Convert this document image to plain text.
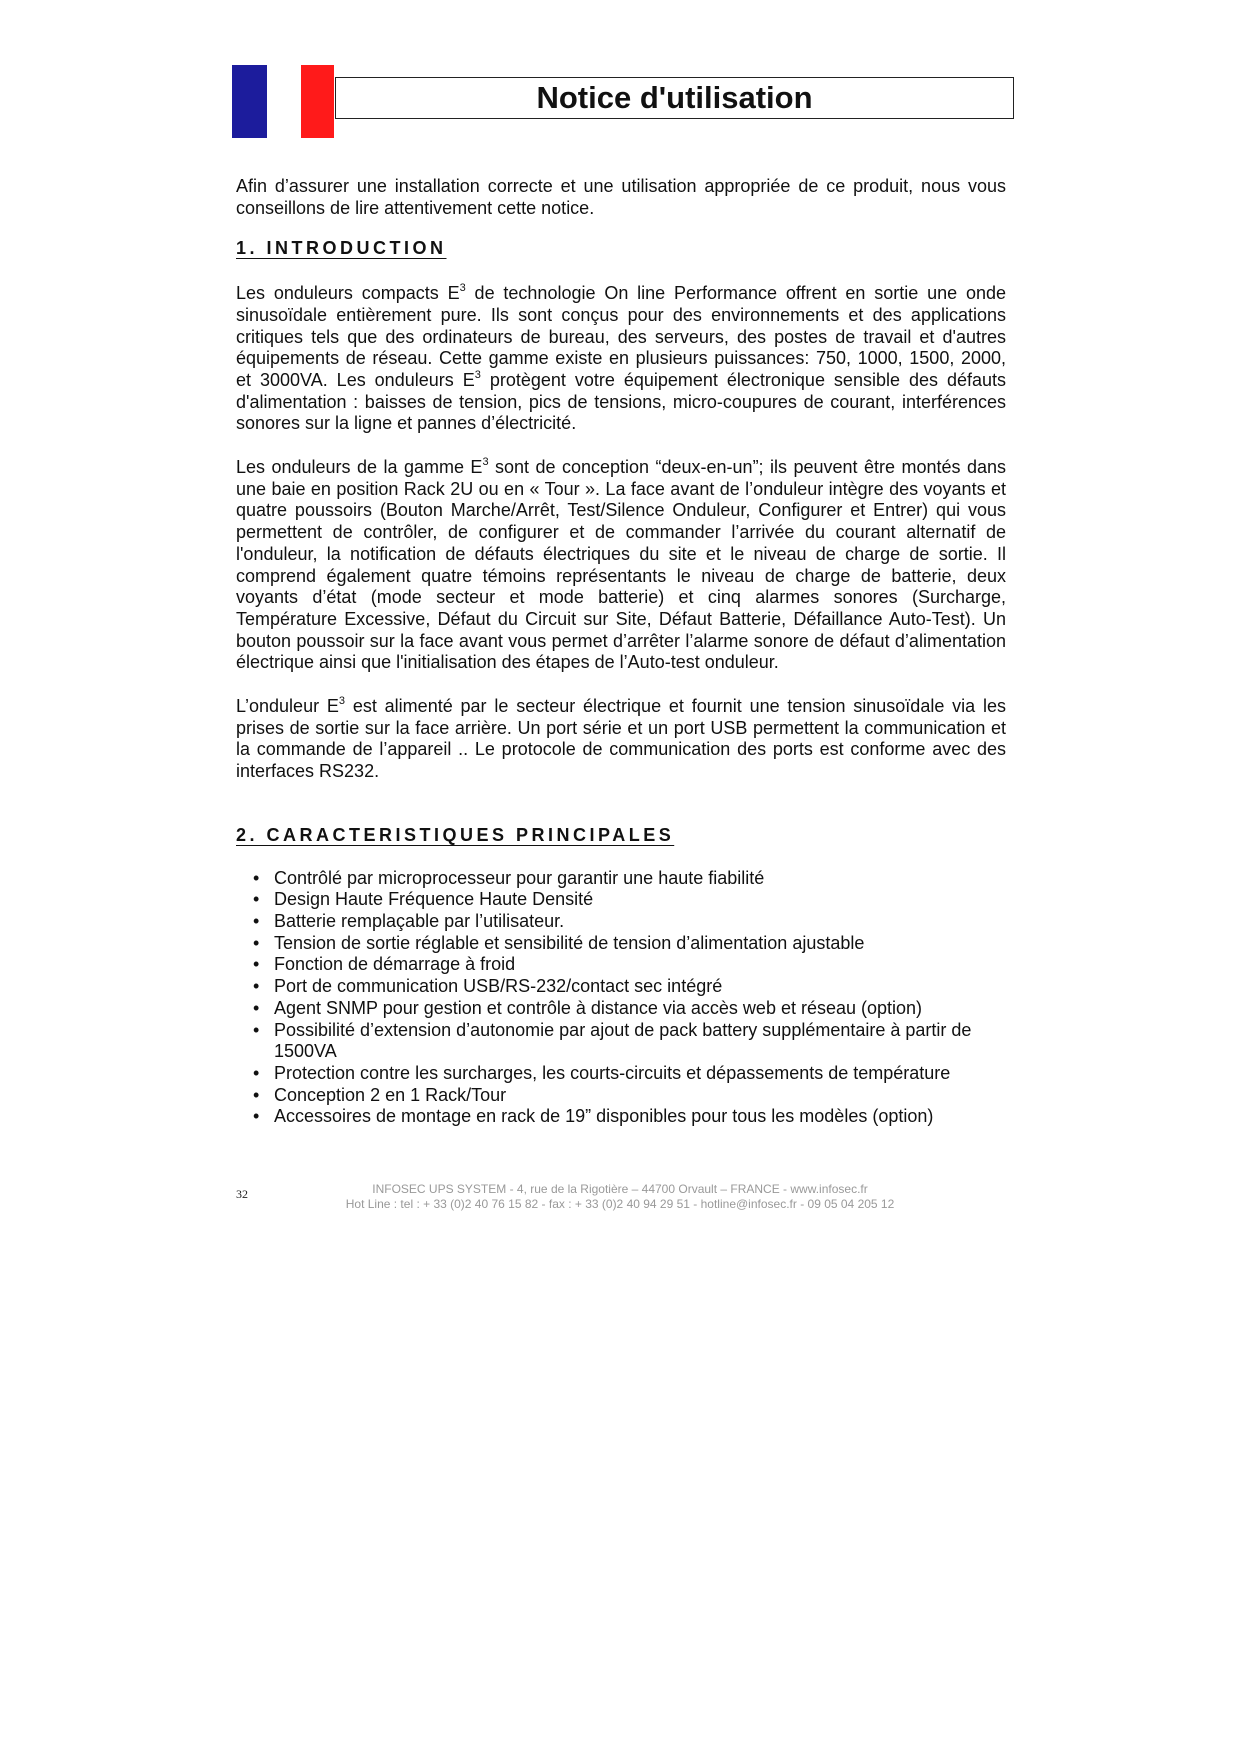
Notice d'utilisation

Afin d’assurer une installation correcte et une utilisation appropriée de ce produit, nous vous conseillons de lire attentivement cette notice.

1. INTRODUCTION

Les onduleurs compacts $E^3$ de technologie On line Performance offrent en sortie une onde sinusoïdale entièrement pure. Ils sont conçus pour des environnements et des applications critiques tels que des ordinateurs de bureau, des serveurs, des postes de travail et d'autres équipements de réseau. Cette gamme existe en plusieurs puissances: 750, 1000, 1500, 2000, et 3000VA. Les onduleurs $E^3$ protègent votre équipement électronique sensible des défauts d'alimentation : baisses de tension, pics de tensions, micro-coupures de courant, interférences sonores sur la ligne et pannes d’électricité.

Les onduleurs de la gamme $E^3$ sont de conception “deux-en-un”; ils peuvent être montés dans une baie en position Rack 2U ou en « Tour ». La face avant de l’onduleur intègre des voyants et quatre poussoirs (Bouton Marche/Arrêt, Test/Silence Onduleur, Configurer et Entrer) qui vous permettent de contrôler, de configurer et de commander l’arrivée du courant alternatif de l'onduleur, la notification de défauts électriques du site et le niveau de charge de sortie. Il comprend également quatre témoins représentants le niveau de charge de batterie, deux voyants d’état (mode secteur et mode batterie) et cinq alarmes sonores (Surcharge, Température Excessive, Défaut du Circuit sur Site, Défaut Batterie, Défaillance Auto-Test). Un bouton poussoir sur la face avant vous permet d’arrêter l’alarme sonore de défaut d’alimentation électrique ainsi que l'initialisation des étapes de l’Auto-test onduleur.

L’onduleur $E^3$ est alimenté par le secteur électrique et fournit une tension sinusoïdale via les prises de sortie sur la face arrière. Un port série et un port USB permettent la communication et la commande de l’appareil .. Le protocole de communication des ports est conforme avec des interfaces RS232.

2. CARACTERISTIQUES PRINCIPALES

• Contrôlé par microprocesseur pour garantir une haute fiabilité
• Design Haute Fréquence Haute Densité
• Batterie remplaçable par l’utilisateur.
• Tension de sortie réglable et sensibilité de tension d’alimentation ajustable
• Fonction de démarrage à froid
• Port de communication USB/RS-232/contact sec intégré
• Agent SNMP pour gestion et contrôle à distance via accès web et réseau (option)
• Possibilité d’extension d’autonomie par ajout de pack battery supplémentaire à partir de 1500VA
• Protection contre les surcharges, les courts-circuits et dépassements de température
• Conception 2 en 1 Rack/Tour
• Accessoires de montage en rack de 19” disponibles pour tous les modèles (option)
32	INFOSEC UPS SYSTEM - 4, rue de la Rigotière – 44700 Orvault – FRANCE - www.infosec.fr
Hot Line : tel : + 33 (0)2 40 76 15 82 - fax : + 33 (0)2 40 94 29 51 - hotline@infosec.fr - 09 05 04 205 12
